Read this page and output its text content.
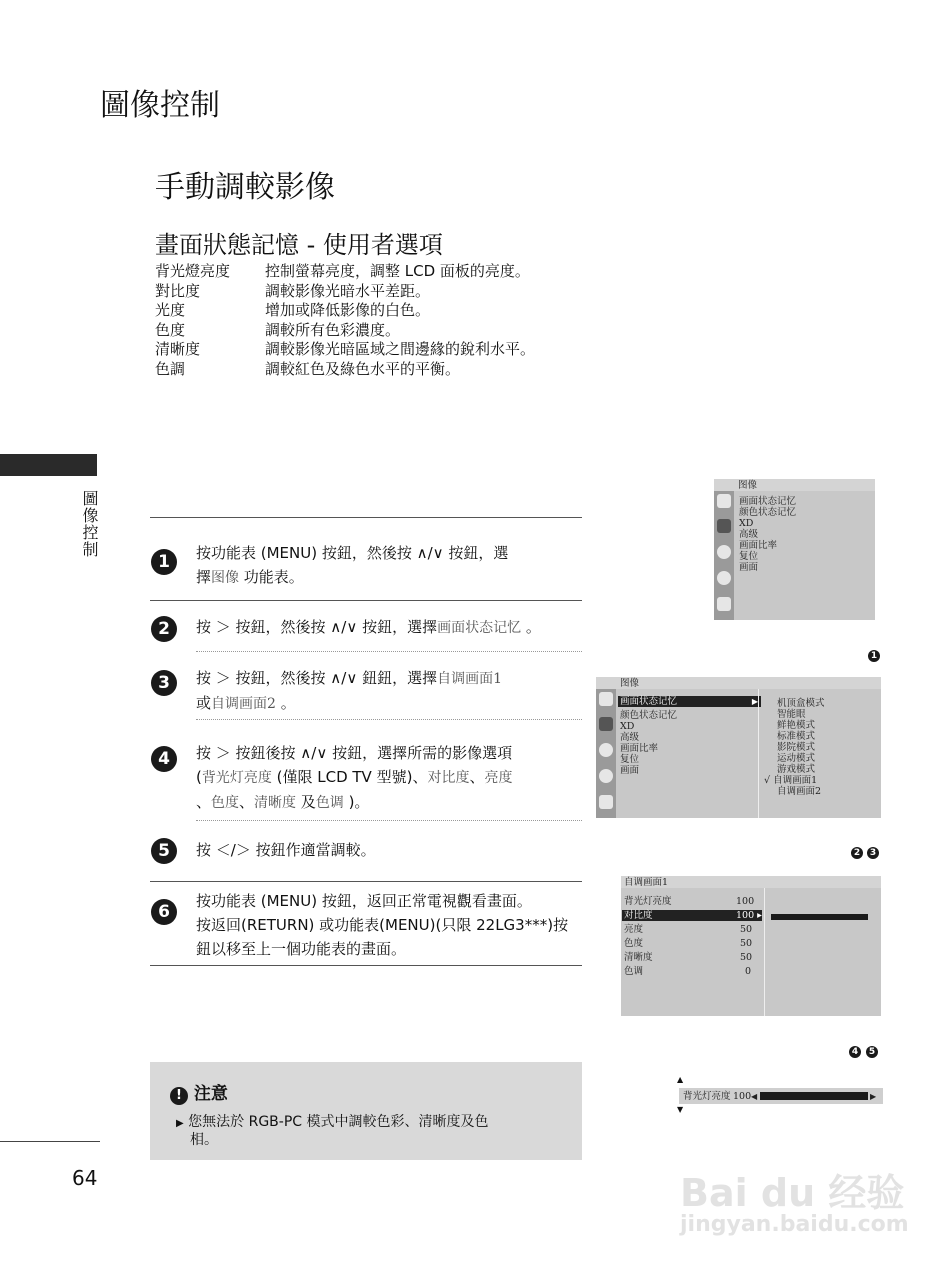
圖像控制
手動調較影像
畫面狀態記憶 - 使用者選項
背光燈亮度	控制螢幕亮度，調整 LCD 面板的亮度。
對比度	調較影像光暗水平差距。
光度	增加或降低影像的白色。
色度	調較所有色彩濃度。
清晰度	調較影像光暗區域之間邊緣的銳利水平。
色調	調較紅色及綠色水平的平衡。
圖像控制
1	按功能表 (MENU) 按鈕，然後按 ∧/∨ 按鈕，選
擇图像 功能表。
2	按 ＞ 按鈕，然後按 ∧/∨ 按鈕，選擇画面状态记忆 。
3	按 ＞ 按鈕，然後按 ∧/∨ 鈕鈕，選擇自调画面1
或自调画面2 。
4	按 ＞ 按鈕後按 ∧/∨ 按鈕，選擇所需的影像選項
(背光灯亮度 (僅限 LCD TV 型號)、对比度、亮度
、色度、清晰度 及色调 )。
5	按 ＜/＞ 按鈕作適當調較。
6
按功能表 (MENU) 按鈕，返回正常電視觀看畫面。
按返回(RETURN) 或功能表(MENU)(只限 22LG3***)按
鈕以移至上一個功能表的畫面。
! 注意
▶ 您無法於 RGB-PC 模式中調較色彩、清晰度及色
相。
64
图像
画面状态记忆
颜色状态记忆
XD
高级
画面比率
复位
画面
1
图像
画面状态记忆	▶
颜色状态记忆
XD
高级
画面比率
复位
画面
机顶盒模式
智能眼
鲜艳模式
标准模式
影院模式
运动模式
游戏模式
√ 自调画面1
自调画面2
2	3
自调画面1
背光灯亮度	100
对比度	100 ▸
亮度	50
色度	50
清晰度	50
色调	0
4	5
▲
背光灯亮度 100 ◀	▶
▼
Bai du 经验
jingyan.baidu.com
